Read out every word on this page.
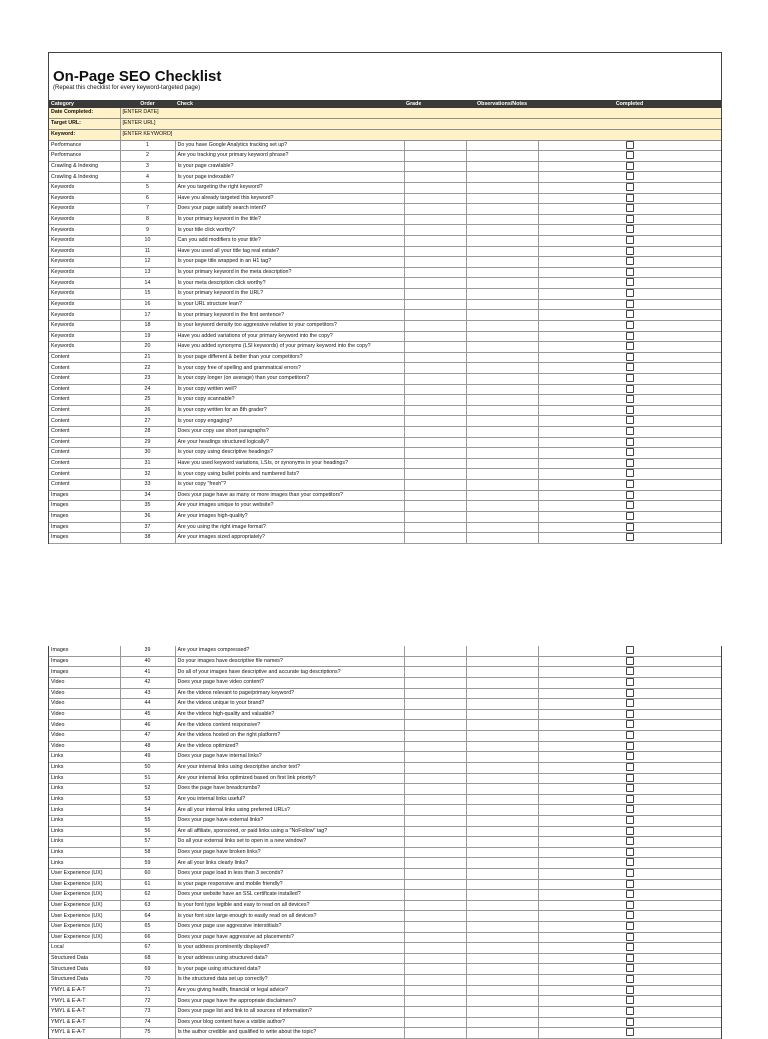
On-Page SEO Checklist

(Repeat this checklist for every keyword-targeted page)

Date Completed:	[ENTER DATE]				
Target URL:	[ENTER URL]				
Keyword:	[ENTER KEYWORD]				
Category	Order	Check	Grade	Observations/Notes	Completed
Performance	1	Do you have Google Analytics tracking set up?			
Performance	2	Are you tracking your primary keyword phrase?			
Crawling & Indexing	3	Is your page crawlable?			
Crawling & Indexing	4	Is your page indexable?			
Keywords	5	Are you targeting the right keyword?			
Keywords	6	Have you already targeted this keyword?			
Keywords	7	Does your page satisfy search intent?			
Keywords	8	Is your primary keyword in the title?			
Keywords	9	Is your title click worthy?			
Keywords	10	Can you add modifiers to your title?			
Keywords	11	Have you used all your title tag real estate?			
Keywords	12	Is your page title wrapped in an H1 tag?			
Keywords	13	Is your primary keyword in the meta description?			
Keywords	14	Is your meta description click worthy?			
Keywords	15	Is your primary keyword in the URL?			
Keywords	16	Is your URL structure lean?			
Keywords	17	Is your primary keyword in the first sentence?			
Keywords	18	Is your keyword density too aggressive relative to your competitors?			
Keywords	19	Have you added variations of your primary keyword into the copy?			
Keywords	20	Have you added synonyms (LSI keywords) of your primary keyword into the copy?			
Content	21	Is your page different & better than your competitors?			
Content	22	Is your copy free of spelling and grammatical errors?			
Content	23	Is your copy longer (on average) than your competitors?			
Content	24	Is your copy written well?			
Content	25	Is your copy scannable?			
Content	26	Is your copy written for an 8th grader?			
Content	27	Is your copy engaging?			
Content	28	Does your copy use short paragraphs?			
Content	29	Are your headings structured logically?			
Content	30	Is your copy using descriptive headings?			
Content	31	Have you used keyword variations, LSIs, or synonyms in your headings?			
Content	32	Is your copy using bullet points and numbered lists?			
Content	33	Is your copy "fresh"?			
Images	34	Does your page have as many or more images than your competitors?			
Images	35	Are your images unique to your website?			
Images	36	Are your images high-quality?			
Images	37	Are you using the right image format?			
Images	38	Are your images sized appropriately?			
Images	39	Are your images compressed?			
Images	40	Do your images have descriptive file names?			
Images	41	Do all of your images have descriptive and accurate tag descriptions?			
Video	42	Does your page have video content?			
Video	43	Are the videos relevant to page/primary keyword?			
Video	44	Are the videos unique to your brand?			
Video	45	Are the videos high-quality and valuable?			
Video	46	Are the videos content responsive?			
Video	47	Are the videos hosted on the right platform?			
Video	48	Are the videos optimized?			
Links	49	Does your page have internal links?			
Links	50	Are your internal links using descriptive anchor text?			
Links	51	Are your internal links optimized based on first link priority?			
Links	52	Does the page have breadcrumbs?			
Links	53	Are you internal links useful?			
Links	54	Are all your internal links using preferred URLs?			
Links	55	Does your page have external links?			
Links	56	Are all affiliate, sponsored, or paid links using a "NoFollow" tag?			
Links	57	Do all your external links set to open in a new window?			
Links	58	Does your page have broken links?			
Links	59	Are all your links clearly links?			
User Experience (UX)	60	Does your page load in less than 3 seconds?			
User Experience (UX)	61	Is your page responsive and mobile friendly?			
User Experience (UX)	62	Does your website have an SSL certificate installed?			
User Experience (UX)	63	Is your font type legible and easy to read on all devices?			
User Experience (UX)	64	Is your font size large enough to easily read on all devices?			
User Experience (UX)	65	Does your page use aggressive interstitials?			
User Experience (UX)	66	Does your page have aggressive ad placements?			
Local	67	Is your address prominently displayed?			
Structured Data	68	Is your address using structured data?			
Structured Data	69	Is your page using structured data?			
Structured Data	70	Is the structured data set up correctly?			
YMYL & E-A-T	71	Are you giving health, financial or legal advice?			
YMYL & E-A-T	72	Does your page have the appropriate disclaimers?			
YMYL & E-A-T	73	Does your page list and link to all sources of information?			
YMYL & E-A-T	74	Does your blog content have a visible author?			
YMYL & E-A-T	75	Is the author credible and qualified to write about the topic?			
